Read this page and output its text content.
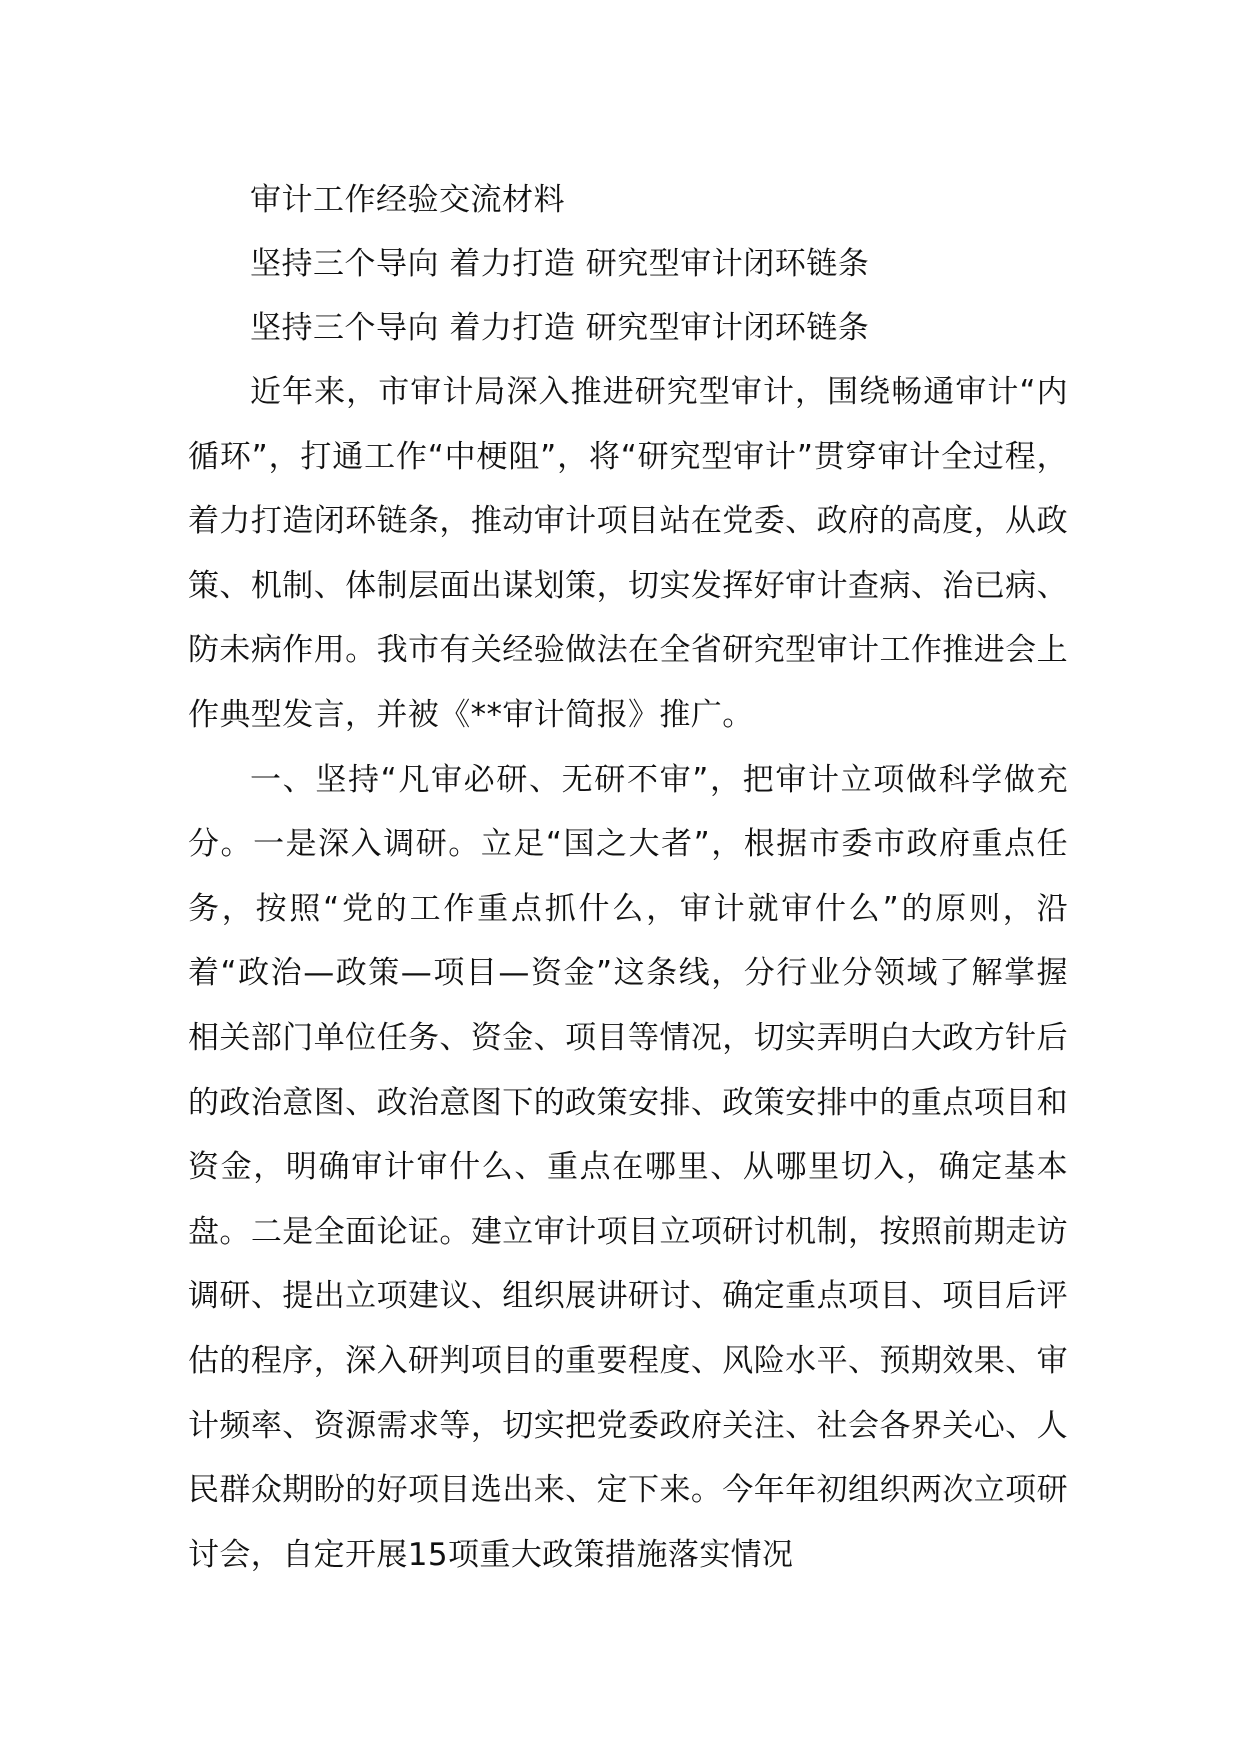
审计工作经验交流材料

坚持三个导向 着力打造 研究型审计闭环链条

坚持三个导向 着力打造 研究型审计闭环链条

近年来，市审计局深入推进研究型审计，围绕畅通审计“内循环”，打通工作“中梗阻”，将“研究型审计”贯穿审计全过程，着力打造闭环链条，推动审计项目站在党委、政府的高度，从政策、机制、体制层面出谋划策，切实发挥好审计查病、治已病、防未病作用。我市有关经验做法在全省研究型审计工作推进会上作典型发言，并被《**审计简报》推广。

一、坚持“凡审必研、无研不审”，把审计立项做科学做充分。一是深入调研。立足“国之大者”，根据市委市政府重点任务，按照“党的工作重点抓什么，审计就审什么”的原则，沿着“政治—政策—项目—资金”这条线，分行业分领域了解掌握相关部门单位任务、资金、项目等情况，切实弄明白大政方针后的政治意图、政治意图下的政策安排、政策安排中的重点项目和资金，明确审计审什么、重点在哪里、从哪里切入，确定基本盘。二是全面论证。建立审计项目立项研讨机制，按照前期走访调研、提出立项建议、组织展讲研讨、确定重点项目、项目后评估的程序，深入研判项目的重要程度、风险水平、预期效果、审计频率、资源需求等，切实把党委政府关注、社会各界关心、人民群众期盼的好项目选出来、定下来。今年年初组织两次立项研讨会，自定开展15项重大政策措施落实情况
